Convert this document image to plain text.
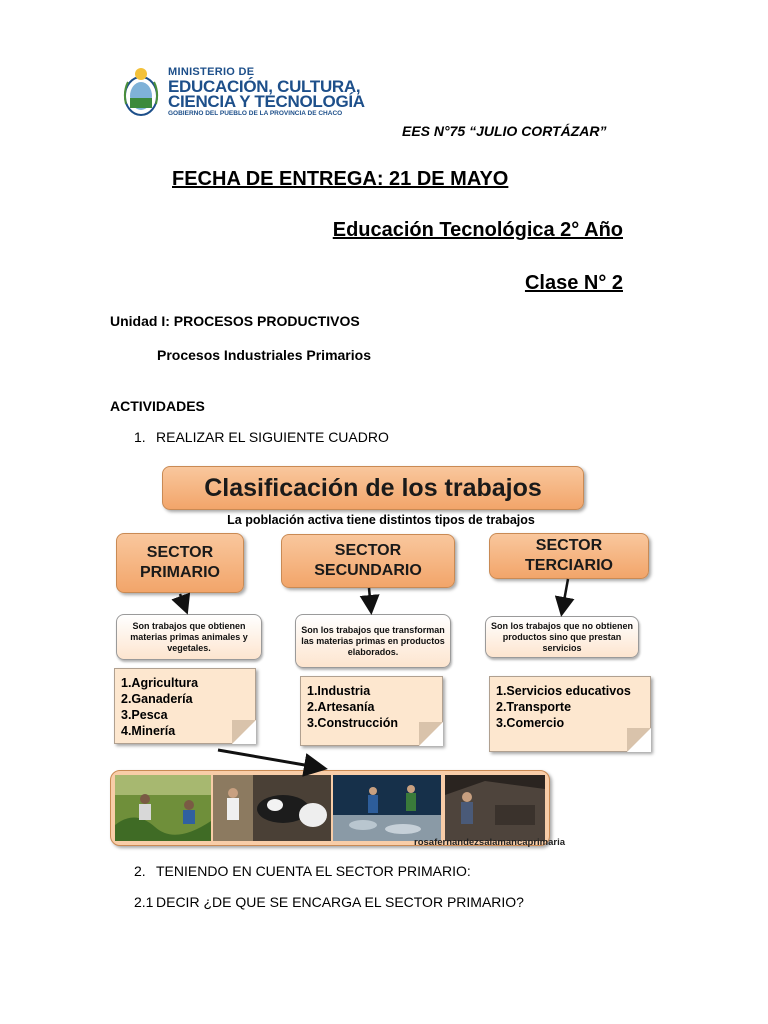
MINISTERIO DE
EDUCACIÓN, CULTURA,
CIENCIA Y TECNOLOGÍA
GOBIERNO DEL PUEBLO DE LA PROVINCIA DE CHACO
EES N°75 “JULIO CORTÁZAR”
FECHA DE ENTREGA: 21 DE MAYO
Educación Tecnológica 2° Año
Clase N° 2
Unidad I: PROCESOS PRODUCTIVOS
Procesos Industriales Primarios
ACTIVIDADES
1. REALIZAR EL SIGUIENTE CUADRO
Clasificación de los trabajos
La población activa tiene distintos tipos de trabajos
SECTOR
PRIMARIO
SECTOR
SECUNDARIO
SECTOR
TERCIARIO
Son trabajos que obtienen materias primas animales y vegetales.
Son los trabajos que transforman las materias primas en productos elaborados.
Son los trabajos que no obtienen productos sino que prestan servicios
1.Agricultura
2.Ganadería
3.Pesca
4.Minería
1.Industria
2.Artesanía
3.Construcción
1.Servicios educativos
2.Transporte
3.Comercio
rosafernandezsalamancaprimaria
2. TENIENDO EN CUENTA EL SECTOR PRIMARIO:
2.1 DECIR ¿DE QUE SE ENCARGA EL SECTOR PRIMARIO?
